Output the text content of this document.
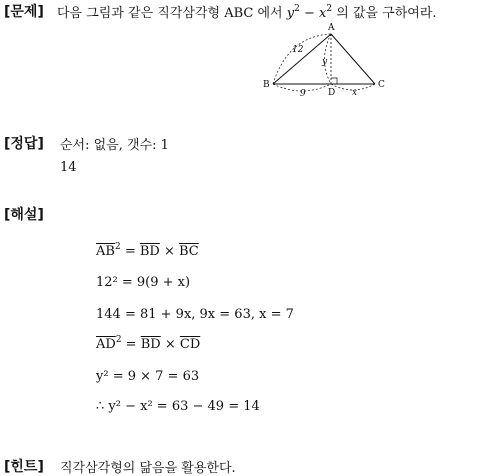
[문제] 다음 그림과 같은 직각삼각형 ABC 에서 $y^2 - x^2$ 의 값을 구하여라.
A
B	C
D
12
y
9	x
[정답] 순서: 없음, 갯수: 1
14
[해설]
$\overline{AB}^2 = \overline{BD} \times \overline{BC}$
12² = 9(9 + x)
144 = 81 + 9x, 9x = 63, x = 7
$\overline{AD}^2 = \overline{BD} \times \overline{CD}$
y² = 9 × 7 = 63
∴ y² − x² = 63 − 49 = 14
[힌트] 직각삼각형의 닮음을 활용한다.
